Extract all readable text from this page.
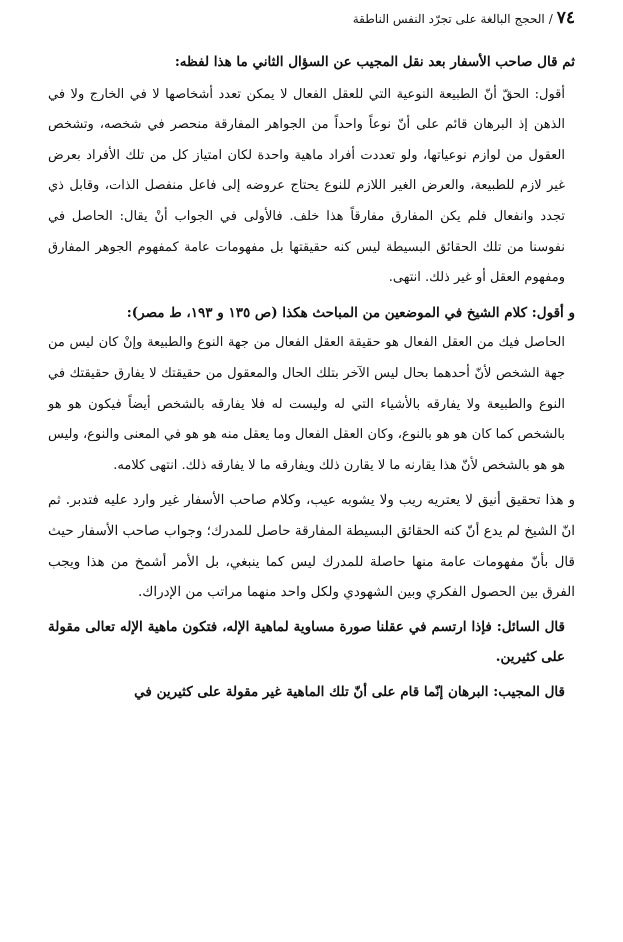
٧٤
/
الحجج البالغة على تجرّد النفس الناطقة

ثم قال صاحب الأسفار بعد نقل المجيب عن السؤال الثاني ما هذا لفظه:

أقول: الحقّ أنّ الطبيعة النوعية التي للعقل الفعال لا يمكن تعدد أشخاصها لا في الخارج ولا في الذهن إذ البرهان قائم على أنّ نوعاً واحداً من الجواهر المفارقة منحصر في شخصه، وتشخص العقول من لوازم نوعياتها، ولو تعددت أفراد ماهية واحدة لكان امتياز كل من تلك الأفراد بعرض غير لازم للطبيعة، والعرض الغير اللازم للنوع يحتاج عروضه إلى فاعل منفصل الذات، وقابل ذي تجدد وانفعال فلم يكن المفارق مفارقاً هذا خلف. فالأولى في الجواب أنْ يقال: الحاصل في نفوسنا من تلك الحقائق البسيطة ليس كنه حقيقتها بل مفهومات عامة كمفهوم الجوهر المفارق ومفهوم العقل أو غير ذلك. انتهى.

و أقول: كلام الشيخ في الموضعين من المباحث هكذا (ص ١٣٥ و ١٩٣، ط مصر):

الحاصل فيك من العقل الفعال هو حقيقة العقل الفعال من جهة النوع والطبيعة وإنْ كان ليس من جهة الشخص لأنّ أحدهما بحال ليس الآخر بتلك الحال والمعقول من حقيقتك لا يفارق حقيقتك في النوع والطبيعة ولا يفارقه بالأشياء التي له وليست له فلا يفارقه بالشخص أيضاً فيكون هو هو بالشخص كما كان هو هو بالنوع، وكان العقل الفعال وما يعقل منه هو هو في المعنى والنوع، وليس هو هو بالشخص لأنّ هذا يقارنه ما لا يقارن ذلك ويفارقه ما لا يفارقه ذلك. انتهى كلامه.

و هذا تحقيق أنيق لا يعتريه ريب ولا يشوبه عيب، وكلام صاحب الأسفار غير وارد عليه فتدبر. ثم انّ الشيخ لم يدع أنّ كنه الحقائق البسيطة المفارقة حاصل للمدرك؛ وجواب صاحب الأسفار حيث قال بأنّ مفهومات عامة منها حاصلة للمدرك ليس كما ينبغي، بل الأمر أشمخ من هذا ويجب الفرق بين الحصول الفكري وبين الشهودي ولكل واحد منهما مراتب من الإدراك.

قال السائل: فإذا ارتسم في عقلنا صورة مساوية لماهية الإله، فتكون ماهية الإله تعالى مقولة على كثيرين.

قال المجيب: البرهان إنّما قام على أنّ تلك الماهية غير مقولة على كثيرين في
